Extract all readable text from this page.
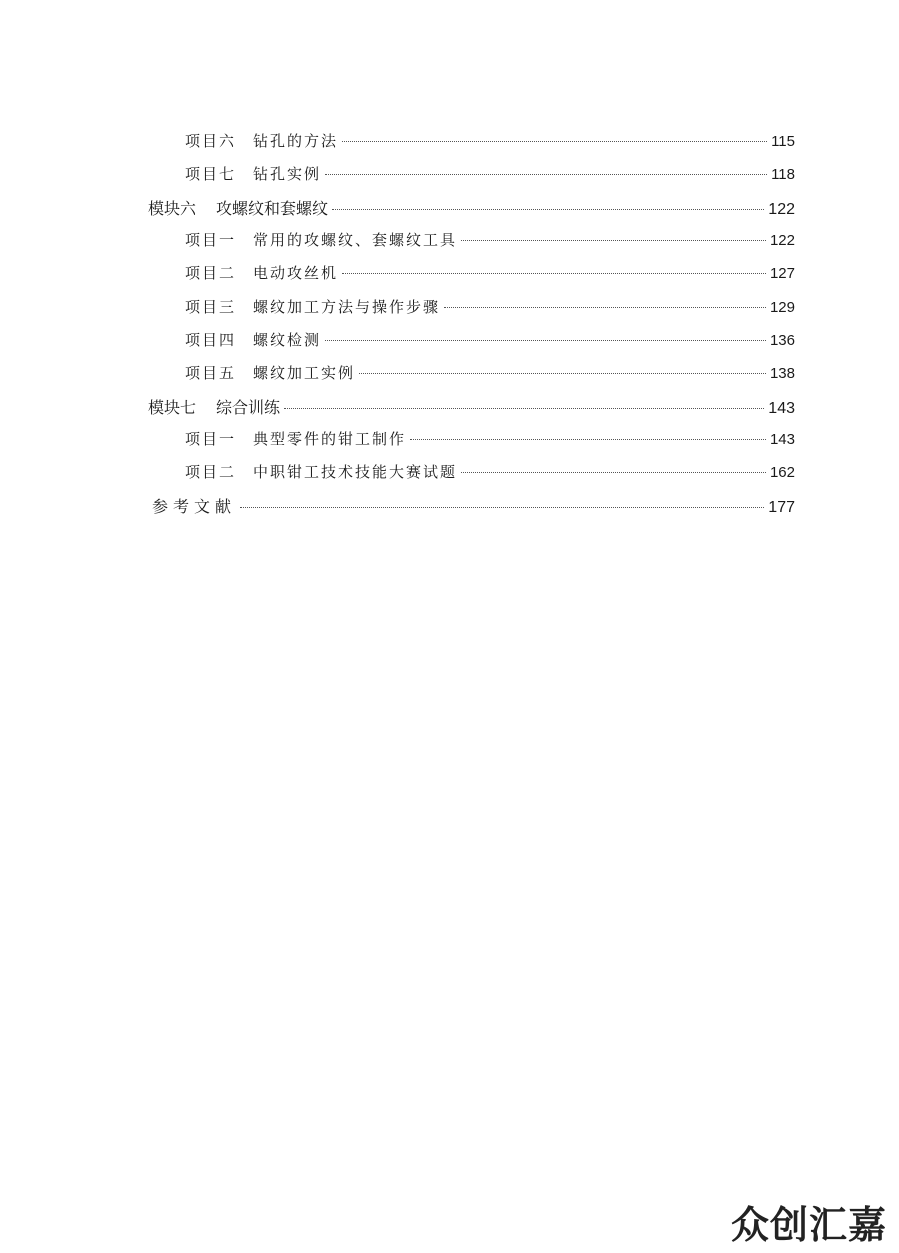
项目六	钻孔的方法	115
项目七	钻孔实例	118
模块六	攻螺纹和套螺纹	122
项目一	常用的攻螺纹、套螺纹工具	122
项目二	电动攻丝机	127
项目三	螺纹加工方法与操作步骤	129
项目四	螺纹检测	136
项目五	螺纹加工实例	138
模块七	综合训练	143
项目一	典型零件的钳工制作	143
项目二	中职钳工技术技能大赛试题	162
参考文献	177
众创汇嘉
